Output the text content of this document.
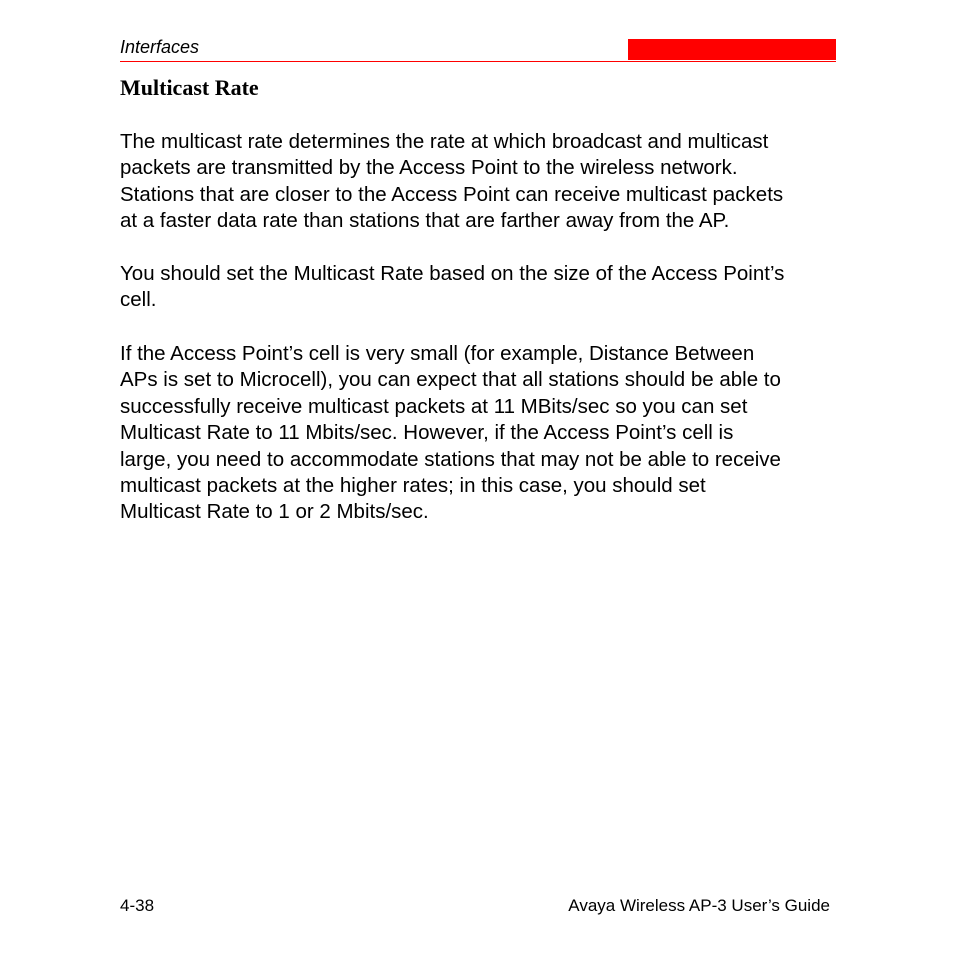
Interfaces
Multicast Rate

The multicast rate determines the rate at which broadcast and multicast
packets are transmitted by the Access Point to the wireless network.
Stations that are closer to the Access Point can receive multicast packets
at a faster data rate than stations that are farther away from the AP.

You should set the Multicast Rate based on the size of the Access Point’s
cell.

If the Access Point’s cell is very small (for example, Distance Between
APs is set to Microcell), you can expect that all stations should be able to
successfully receive multicast packets at 11 MBits/sec so you can set
Multicast Rate to 11 Mbits/sec. However, if the Access Point’s cell is
large, you need to accommodate stations that may not be able to receive
multicast packets at the higher rates; in this case, you should set
Multicast Rate to 1 or 2 Mbits/sec.

4-38	Avaya Wireless AP-3 User’s Guide
